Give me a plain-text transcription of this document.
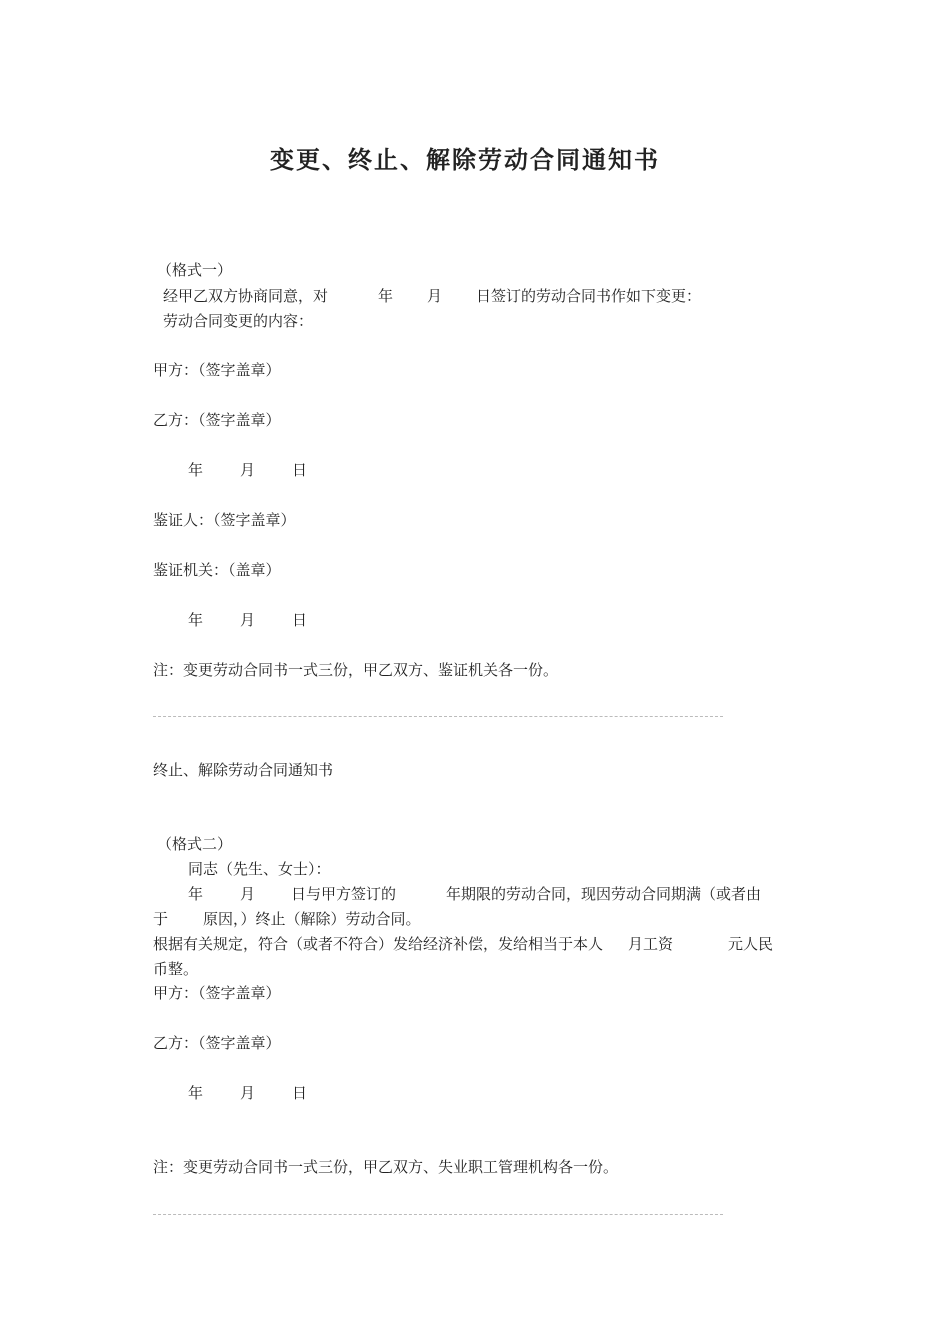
变更、终止、解除劳动合同通知书
（格式一）
经甲乙双方协商同意，对	年 月 日签订的劳动合同书作如下变更：
劳动合同变更的内容：
甲方：（签字盖章）
乙方：（签字盖章）
年 月 日
鉴证人：（签字盖章）
鉴证机关：（盖章）
年 月 日
注：变更劳动合同书一式三份，甲乙双方、鉴证机关各一份。
终止、解除劳动合同通知书
（格式二）
同志（先生、女士）：
年 月 日与甲方签订的	年期限的劳动合同，现因劳动合同期满（或者由
于 原因，）终止（解除）劳动合同。
根据有关规定，符合（或者不符合）发给经济补偿，发给相当于本人 月工资	元人民
币整。
甲方：（签字盖章）
乙方：（签字盖章）
年 月 日
注：变更劳动合同书一式三份，甲乙双方、失业职工管理机构各一份。
